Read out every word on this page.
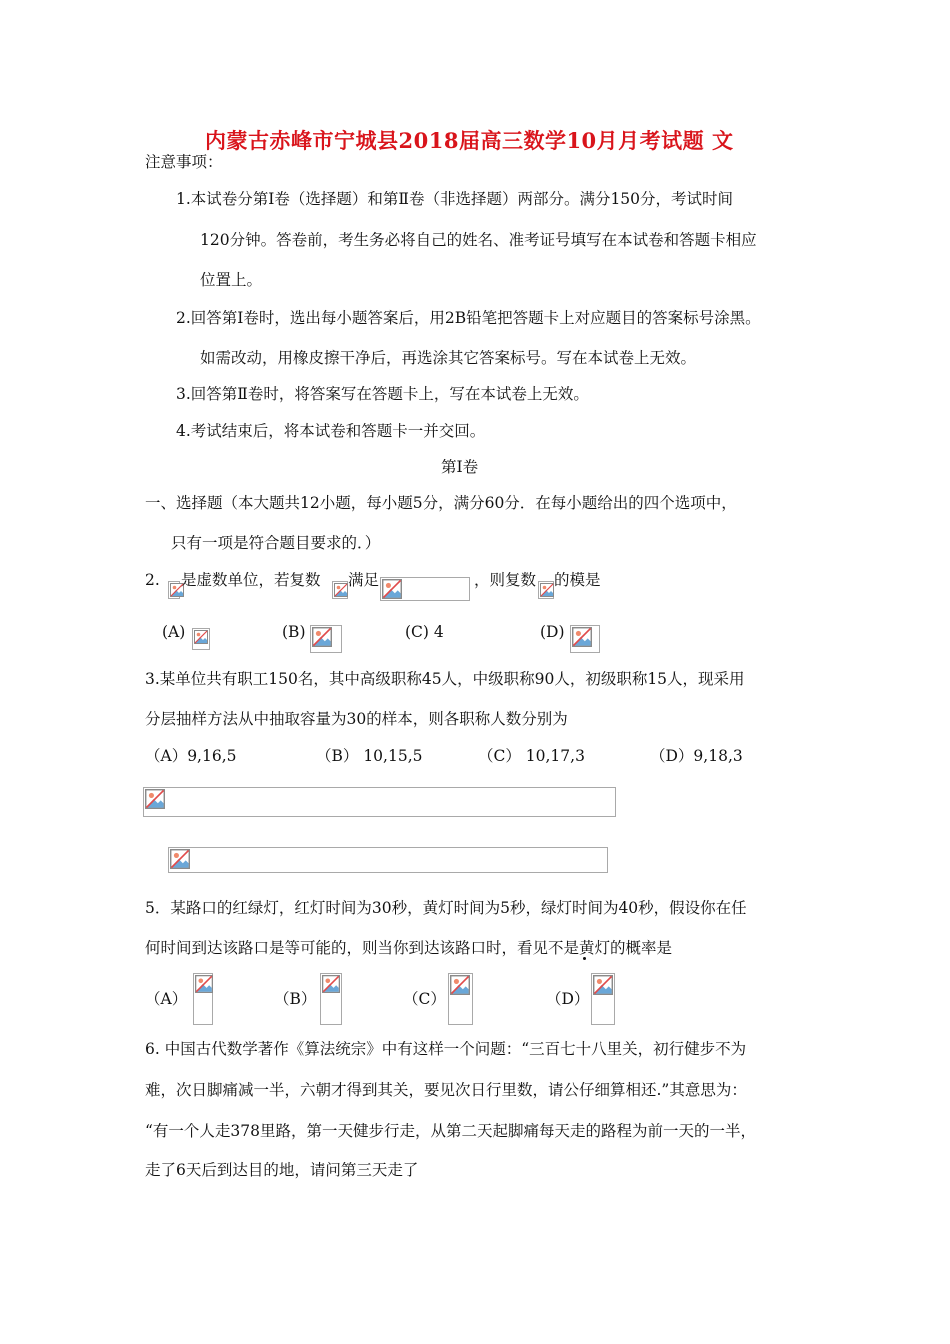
内蒙古赤峰市宁城县2018届高三数学10月月考试题 文
注意事项：
1.本试卷分第Ⅰ卷（选择题）和第Ⅱ卷（非选择题）两部分。满分150分，考试时间
120分钟。答卷前，考生务必将自己的姓名、准考证号填写在本试卷和答题卡相应
位置上。
2.回答第Ⅰ卷时，选出每小题答案后，用2B铅笔把答题卡上对应题目的答案标号涂黑。
如需改动，用橡皮擦干净后，再选涂其它答案标号。写在本试卷上无效。
3.回答第Ⅱ卷时，将答案写在答题卡上，写在本试卷上无效。
4.考试结束后，将本试卷和答题卡一并交回。
第Ⅰ卷
一、选择题（本大题共12小题，每小题5分，满分60分．在每小题给出的四个选项中，
只有一项是符合题目要求的．）
2. 是虚数单位，若复数 满足	，则复数 的模是
(A)	(B)	(C) 4	(D)
3.某单位共有职工150名，其中高级职称45人，中级职称90人，初级职称15人，现采用
分层抽样方法从中抽取容量为30的样本，则各职称人数分别为
（A）9,16,5	（B） 10,15,5	（C） 10,17,3	（D）9,18,3
5．某路口的红绿灯，红灯时间为30秒，黄灯时间为5秒，绿灯时间为40秒，假设你在任
何时间到达该路口是等可能的，则当你到达该路口时，看见不是黄灯的概率是
（A）	（B）	（C）	（D）
6. 中国古代数学著作《算法统宗》中有这样一个问题：“三百七十八里关，初行健步不为
难，次日脚痛减一半，六朝才得到其关，要见次日行里数，请公仔细算相还.”其意思为：
“有一个人走378里路，第一天健步行走，从第二天起脚痛每天走的路程为前一天的一半，
走了6天后到达目的地，请问第三天走了
